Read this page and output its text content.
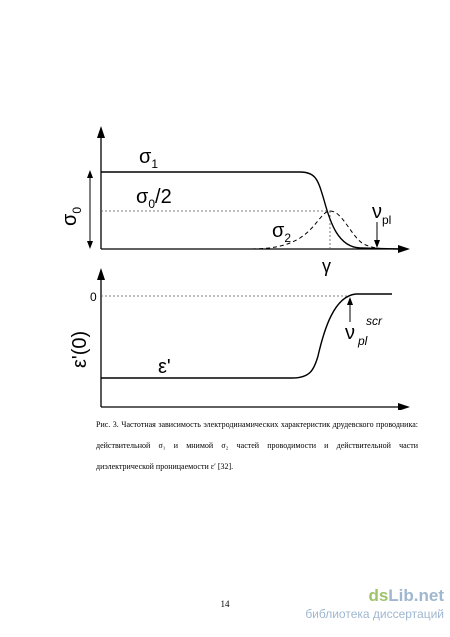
$\sigma_1$
$\sigma_0/2$
$\sigma_2$
γ
$\nu_{pl}$
$\sigma_0$
0
ε'(0)	ε'
ν
scr
pl
Рис. 3. Частотная зависимость электродинамических характеристик друдевского проводника: действительной σ₁ и мнимой σ₂ частей проводимости и действительной части диэлектрической проницаемости ε′ [32].
14	dsLib.net
библиотека диссертаций
